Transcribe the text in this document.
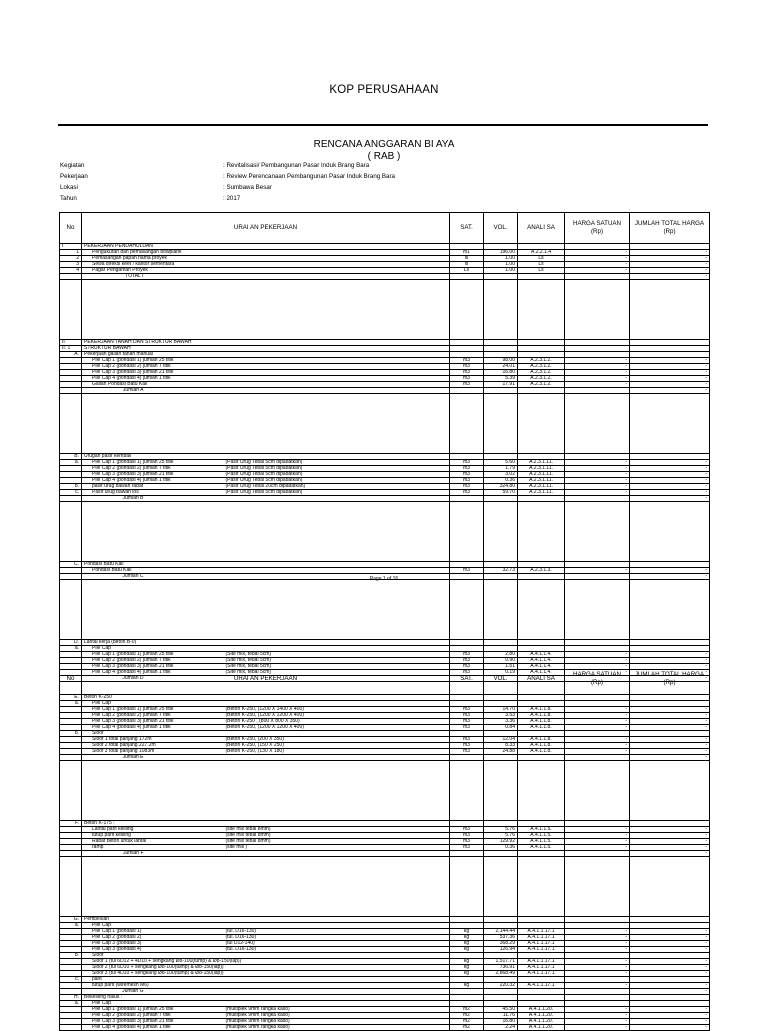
KOP PERUSAHAAN
RENCANA ANGGARAN BI AYA
( RAB )
Kegiatan	: Revitalisasi/ Pembangunan Pasar Induk Brang Bara
Pekerjaan	: Review Perencanaan Pembangunan Pasar Induk Brang Bara
Lokasi	: Sumbawa Besar
Tahun	: 2017
No	URAI AN PEKERJAAN		SAT.	VOL.	ANALI SA	HARGA SATUAN (Rp)	JUMLAH TOTAL HARGA (Rp)
I	PEKERJAAN PENDAHULUAN						
1	Pengukuran dan pemasangan bowplank		m1	196.00	A.2.2.1.4	-	-
2	Pemasangan papan nama proyek		ls	1.00	Ls	-	-
3	Sewa direksi keet / kantor sementara		ls	1.00	Ls	-	-
4	Pagar Pengaman Proyek		Ls	1.00	Ls	-	-
	TOTAL I						-

II	PEKERJAAN TANAH DAN STRUKTUR BAWAH						
II. 1	STRUKTUR BAWAH						
A.	Pekerjaan galian tanah manual						
	Pile Cap 1 (pondasi 1) jumlah 25 titik		m3	98.00	A.2.3.1.2.	-	-
	Pile Cap 2 (pondasi 2) jumlah 7 titik		m3	24.01	A.2.3.1.2.	-	-
	Pile Cap 3 (pondasi 3) jumlah 21 titik		m3	16.80	A.2.3.1.2.	-	-
	Pile Cap 4 (pondasi 4) jumlah 1 titik		m3	5.39	A.2.3.1.2.	-	-
	Galian Pondasi Batu Kali		m3	17.91	A.2.3.1.2.	-	-
	Jumlah A						-

B.	Urugan pasir kembali						
a.	Pile Cap 1 (pondasi 1) jumlah 25 titik	(Pasir Urug Tebal 5cm dipadatkan)	m3	5.60	A.2.3.1.11.	-	-
	Pile Cap 2 (pondasi 2) jumlah 7 titik	(Pasir Urug Tebal 5cm dipadatkan)	m3	1.79	A.2.3.1.11.	-	-
	Pile Cap 3 (pondasi 3) jumlah 21 titik	(Pasir Urug Tebal 5cm dipadatkan)	m3	3.02	A.2.3.1.11.	-	-
	Pile Cap 4 (pondasi 4) jumlah 1 titik	(Pasir Urug Tebal 5cm dipadatkan)	m3	0.36	A.2.3.1.11.	-	-
b.	pasir urug bawah rabat	(Pasir Urug Tebal 20cm dipadatkan)	m3	324.80	A.2.3.1.11.	-	-
c.	Pasir urug bawah los	(Pasir Urug Tebal 5cm dipadatkan)	m3	59.70	A.2.3.1.11.	-	-
	Jumlah B						-

C.	Pondasi Batu Kali						
	Pondasi Batu Kali		m3	32.73	A.2.3.1.3.	-	-
	Jumlah C						-

D.	Lantai kerja (beton B-0)						
a.	Pile Cap						
	Pile Cap 1 (pondasi 1) jumlah 25 titik	(Site mix, tebal 5cm)	m3	2.80	A.4.1.1.4.	-	-
	Pile Cap 2 (pondasi 2) jumlah 7 titik	(Site mix, tebal 5cm)	m3	0.90	A.4.1.1.4.	-	-
	Pile Cap 3 (pondasi 3) jumlah 21 titik	(Site mix, tebal 5cm)	m3	1.51	A.4.1.1.4.	-	-
	Pile Cap 4 (pondasi 4) jumlah 1 titik	(Site mix, tebal 5cm)	m3	0.19	A.4.1.1.4.	-	-
	Jumlah D						-
Page 1 of 16
No	URAI AN PEKERJAAN		SAT.	VOL.	ANALI SA	HARGA SATUAN (Rp)	JUMLAH TOTAL HARGA (Rp)
E.	Beton K-250						
a.	Pile Cap						
	Pile Cap 1 (pondasi 1) jumlah 25 titik	(Beton K-250, (1200 X 1400 X 400)	m3	14.70	A.4.1.1.8.	-	-
	Pile Cap 2 (pondasi 2) jumlah 7 titik	(Beton K-250, (1200 X 1200 X 400)	m3	3.53	A.4.1.1.8.	-	-
	Pile Cap 3 (pondasi 3) jumlah 21 titik	(Beton K-250 , (800 X 800 X 350)	m3	3.36	A.4.1.1.8.	-	-
	Pile Cap 4 (pondasi 4) jumlah 1 titik	(Beton K-250, (1200 X 1200 X 400)	m3	0.84	A.4.1.1.8.	-	-
b.	Sloof						
	Sloof 1 total panjang 172m	(Beton K-250, (200 X 350)	m3	12.04	A.4.1.1.8.	-	-
	Sloof 2 total panjang 227.2m	(Beton K-250, (150 X 250)	m3	8.33	A.4.1.1.8.	-	-
	Sloof 3 total panjang 1083m	(Beton K-250, (130 X 180)	m3	24.88	A.4.1.1.8.	-	-
	Jumlah E						-

F.	Beton K-175 :						
	Lantai parit keliling	(site mix tebal 8mm)	m3	5.76	A.4.1.1.5.	-	-
	tutup parit keliling	(site mix tebal 8mm)	m3	5.76	A.4.1.1.5.	-	-
	Rabat beton untuk lantai	(site mix tebal 8mm)	m3	129.92	A.4.1.1.5.	-	-
	ramp	(site mix )	m3	0.36	A.4.1.1.5.	-	-
	Jumlah F						-

G.	Pembesian						
a.	Pile Cap						
	Pile Cap 1 (pondasi 1)	(tul. D16-130)	kg	2,144.44	A.4.1.1.17.1	-	-
	Pile Cap 2 (pondasi 2)	(tul. D16-130)	kg	537.36	A.4.1.1.17.1	-	-
	Pile Cap 3 (pondasi 3)	(tul D12-140)	kg	368.29	A.4.1.1.17.1	-	-
	Pile Cap 3 (pondasi 4)	(tul. D16-130)	kg	126.94	A.4.1.1.17.1	-	-
b.	Sloof						
	Sloof 1 (tul 6D12 + 4D10 + sengkang Ø8-100(tump) & Ø8-150(lap))		kg	1,517.71	A.4.1.1.17.1	-	-
	Sloof 2 (tul 6D10 + sengkang Ø8-100(tump) & Ø8-150(lap))		kg	736.91	A.4.1.1.17.1	-	-
	Sloof 3 (tul 4D10 + sengkang Ø8-100(tump) & Ø8-150(lap))		kg	2,868.49	A.4.1.1.17.1	-	-
c.	parit						
	tutup parit (wiremesh M6)		kg	220.32	A.4.1.1.17.1	-	-
	Jumlah G						-
H.	Bekesting halus :						
a.	Pile Cap						
	Pile Cap 1 (pondasi 1) jumlah 25 titik	(multiplek 9mm rangka kaso)	m2	45.50	A.4.1.1.20.	-	-
	Pile Cap 2 (pondasi 2) jumlah 7 titik	(multiplek 9mm rangka kaso)	m2	11.76	A.4.1.1.20.	-	-
	Pile Cap 3 (pondasi 3) jumlah 21 titik	(multiplek 9mm rangka kaso)	m2	16.80	A.4.1.1.20.	-	-
	Pile Cap 4 (pondasi 4) jumlah 1 titik	(multiplek 9mm rangka kaso)	m2	2.24	A.4.1.1.20.	-	-
